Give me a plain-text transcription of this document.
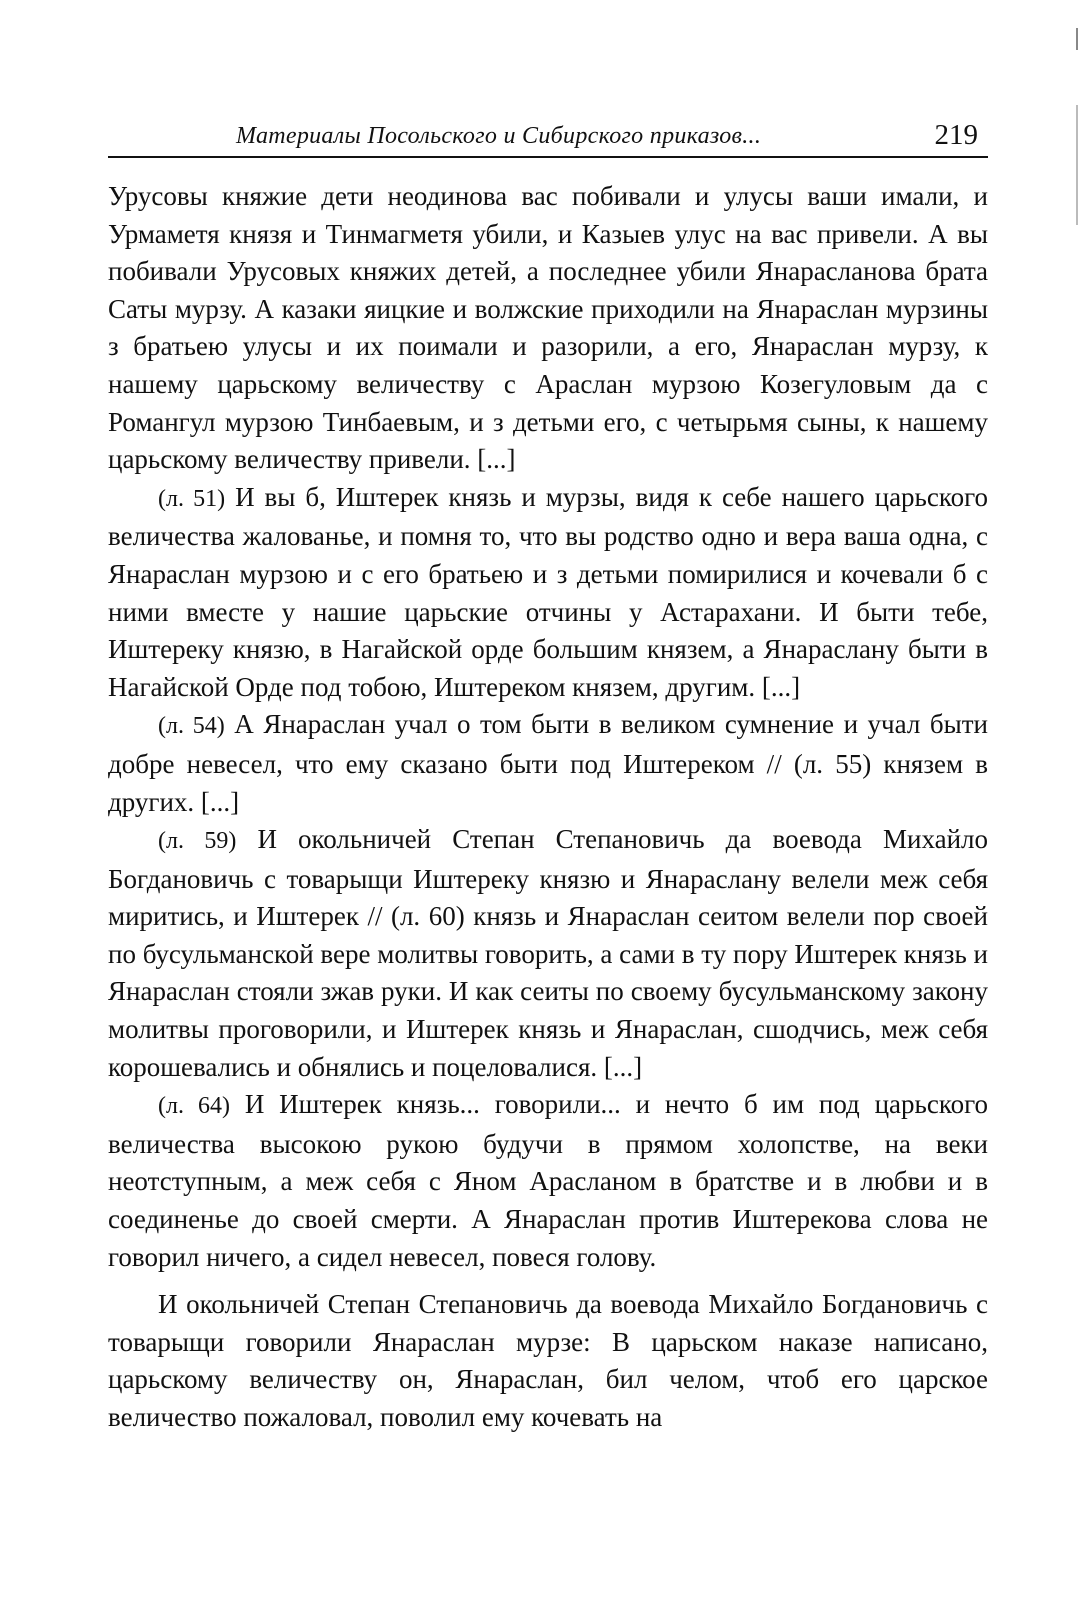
Материалы Посольского и Сибирского приказов...	219

Урусовы княжие дети неодинова вас побивали и улусы ваши имали, и Урмаметя князя и Тинмагметя убили, и Казыев улус на вас привели. А вы побивали Урусовых княжих детей, а последнее убили Янараcланова брата Саты мурзу. А казаки яицкие и волжские приходили на Янараслан мурзины з братьею улусы и их поимали и разорили, а его, Янараслан мурзу, к нашему царьскому величеству с Араслан мурзою Козегуловым да с Романгул мурзою Тинбаевым, и з детьми его, с четырьмя сыны, к нашему царьскому величеству привели. [...]

(л. 51) И вы б, Иштерек князь и мурзы, видя к себе нашего царьского величества жалованье, и помня то, что вы родство одно и вера ваша одна, с Янараслан мурзою и с его братьею и з детьми помирилися и кочевали б с ними вместе у нашие царьские отчины у Астарахани. И быти тебе, Иштереку князю, в Нагайской орде большим князем, а Янараслану быти в Нагайской Орде под тобою, Иштереком князем, другим. [...]

(л. 54) А Янараслан учал о том быти в великом сумнение и учал быти добре невесел, что ему сказано быти под Иштереком // (л. 55) князем в других. [...]

(л. 59) И окольничей Степан Степановичь да воевода Михайло Богдановичь с товарыщи Иштереку князю и Янараслану велели меж себя миритись, и Иштерек // (л. 60) князь и Янараслан сеитом велели пор своей по бусульманской вере молитвы говорить, а сами в ту пору Иштерек князь и Янараслан стояли зжав руки. И как сеиты по своему бусульманскому закону молитвы проговорили, и Иштерек князь и Янараслан, сшодчись, меж себя корошевались и обнялись и поцеловалися. [...]

(л. 64) И Иштерек князь... говорили... и нечто б им под царьского величества высокою рукою будучи в прямом холопстве, на веки неотступным, а меж себя с Яном Арасланом в братстве и в любви и в соединенье до своей смерти. А Янараслан против Иштерекова слова не говорил ничего, а сидел невесел, повеся голову.

И окольничей Степан Степановичь да воевода Михайло Богдановичь с товарыщи говорили Янараслан мурзе: В царьском наказе написано, царьскому величеству он, Янараслан, бил челом, чтоб его царское величество пожаловал, поволил ему кочевать на
